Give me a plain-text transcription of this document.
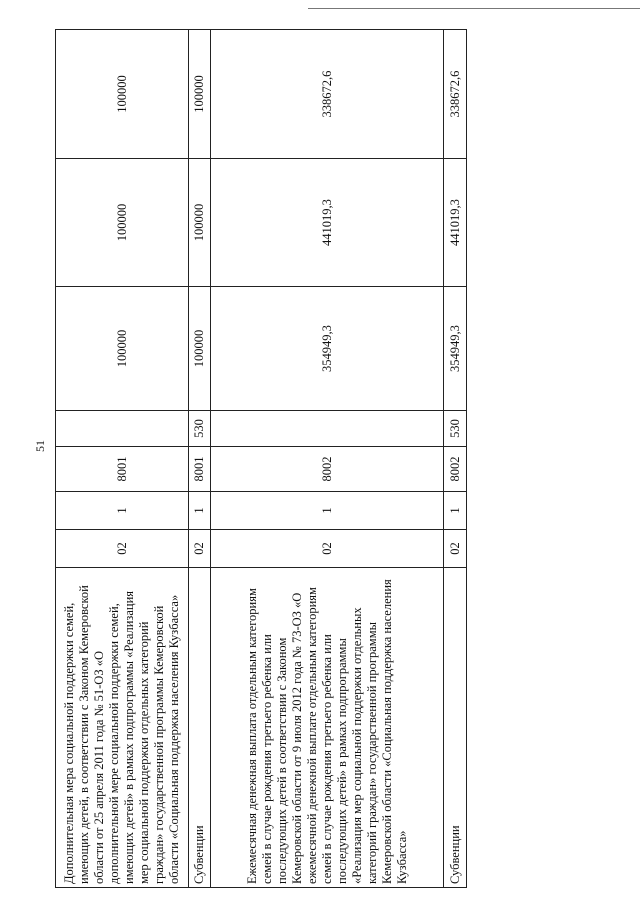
51
Дополнительная мера социальной поддержки семей, имеющих детей, в соответствии с Законом Кемеровской области от 25 апреля 2011 года № 51-ОЗ «О дополнительной мере социальной поддержки семей, имеющих детей» в рамках подпрограммы «Реализация мер социальной поддержки отдельных категорий граждан» государственной программы Кемеровской области «Социальная поддержка населения Кузбасса»	02	1	8001		100000	100000	100000
Субвенции	02	1	8001	530	100000	100000	100000
Ежемесячная денежная выплата отдельным категориям семей в случае рождения третьего ребенка или последующих детей в соответствии с Законом Кемеровской области от 9 июля 2012 года № 73-ОЗ «О ежемесячной денежной выплате отдельным категориям семей в случае рождения третьего ребенка или последующих детей» в рамках подпрограммы «Реализация мер социальной поддержки отдельных категорий граждан» государственной программы Кемеровской области «Социальная поддержка населения Кузбасса»	02	1	8002		354949,3	441019,3	338672,6
Субвенции	02	1	8002	530	354949,3	441019,3	338672,6
